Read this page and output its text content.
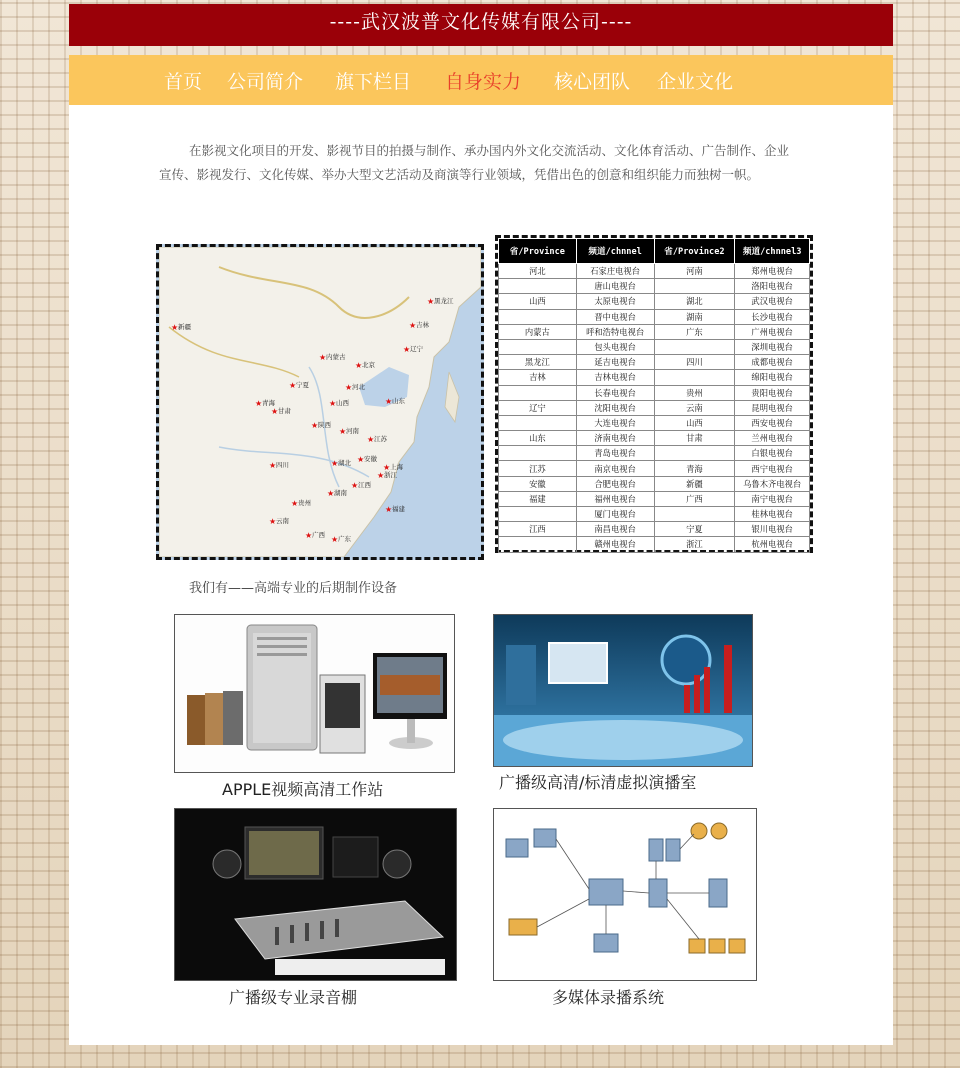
----武汉波普文化传媒有限公司----
首页 公司简介 旗下栏目 自身实力 核心团队 企业文化
在影视文化项目的开发、影视节目的拍摄与制作、承办国内外文化交流活动、文化体育活动、广告制作、企业宣传、影视发行、文化传媒、举办大型文艺活动及商演等行业领域，凭借出色的创意和组织能力而独树一帜。
★ 新疆
★ 内蒙古
★ 黑龙江
★ 吉林
★ 辽宁
★ 北京
★ 宁夏
★ 甘肃
★ 青海	★ 山西
★ 河北
★ 山东
★ 陕西
★ 河南
★ 江苏
★ 四川	★ 湖北 ★ 安徽
★ 上海
★ 浙江
★ 江西
★ 湖南
★ 贵州
★ 云南
★ 广西 ★ 广东
★ 福建
省/Province	频道/chnnel	省/Province2	频道/chnnel3
河北	石家庄电视台	河南	郑州电视台
	唐山电视台		洛阳电视台
山西	太原电视台	湖北	武汉电视台
	晋中电视台	湖南	长沙电视台
内蒙古	呼和浩特电视台	广东	广州电视台
	包头电视台		深圳电视台
黑龙江	延吉电视台	四川	成都电视台
吉林	吉林电视台		绵阳电视台
	长春电视台	贵州	贵阳电视台
辽宁	沈阳电视台	云南	昆明电视台
	大连电视台	山西	西安电视台
山东	济南电视台	甘肃	兰州电视台
	青岛电视台		白银电视台
江苏	南京电视台	青海	西宁电视台
安徽	合肥电视台	新疆	乌鲁木齐电视台
福建	福州电视台	广西	南宁电视台
	厦门电视台		桂林电视台
江西	南昌电视台	宁夏	银川电视台
	赣州电视台	浙江	杭州电视台
我们有——高端专业的后期制作设备
APPLE视频高清工作站	广播级高清/标清虚拟演播室
广播级专业录音棚	多媒体录播系统
